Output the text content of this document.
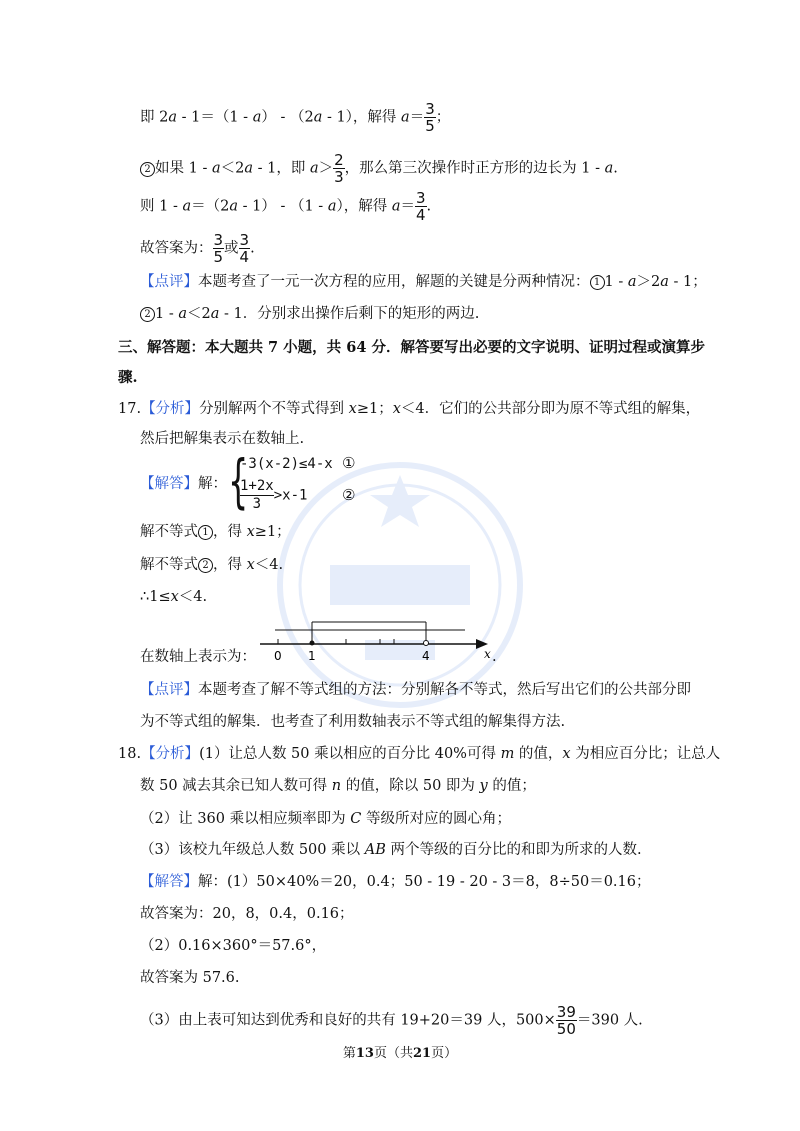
即 2a - 1＝（1 - a） - （2a - 1），解得 $a= \frac{3}{5}$ ；
2 如果 1 - a＜2a - 1，即 $a> \frac{2}{3}$ ，那么第三次操作时正方形的边长为 1 - a.
则 1 - a＝（2a - 1） - （1 - a），解得 $a= \frac{3}{4}$ .
故答案为： $\frac{3}{5}$ 或 $\frac{3}{4}$ .
【点评】本题考查了一元一次方程的应用，解题的关键是分两种情况： 1 1 - a＞2a - 1；
2 1 - a＜2a - 1．分别求出操作后剩下的矩形的两边.
三、解答题：本大题共 7 小题，共 64 分．解答要写出必要的文字说明、证明过程或演算步
骤.
17.【分析】分别解两个不等式得到 x≥1；x＜4．它们的公共部分即为原不等式组的解集，
然后把解集表示在数轴上.
【解答】解： {
-3(x-2)≤4-x
$\frac{1+2x}{3} >x-1$
①
②
解不等式 1 ，得 x≥1；
解不等式 2 ，得 x＜4.
∴1≤x＜4.
在数轴上表示为： 0 1	4	x .
【点评】本题考查了解不等式组的方法：分别解各不等式，然后写出它们的公共部分即
为不等式组的解集．也考查了利用数轴表示不等式组的解集得方法.
18.【分析】(1）让总人数 50 乘以相应的百分比 40%可得 m 的值，x 为相应百分比；让总人
数 50 减去其余已知人数可得 n 的值，除以 50 即为 y 的值；
（2）让 360 乘以相应频率即为 C 等级所对应的圆心角；
（3）该校九年级总人数 500 乘以 AB 两个等级的百分比的和即为所求的人数.
【解答】解：(1）50×40%＝20，0.4；50 - 19 - 20 - 3＝8，8÷50＝0.16；
故答案为：20，8，0.4，0.16；
（2）0.16×360°＝57.6°，
故答案为 57.6.
（3）由上表可知达到优秀和良好的共有 19+20＝39 人，$500\times \frac{39}{50} =390$ 人.
第13页（共21页）
